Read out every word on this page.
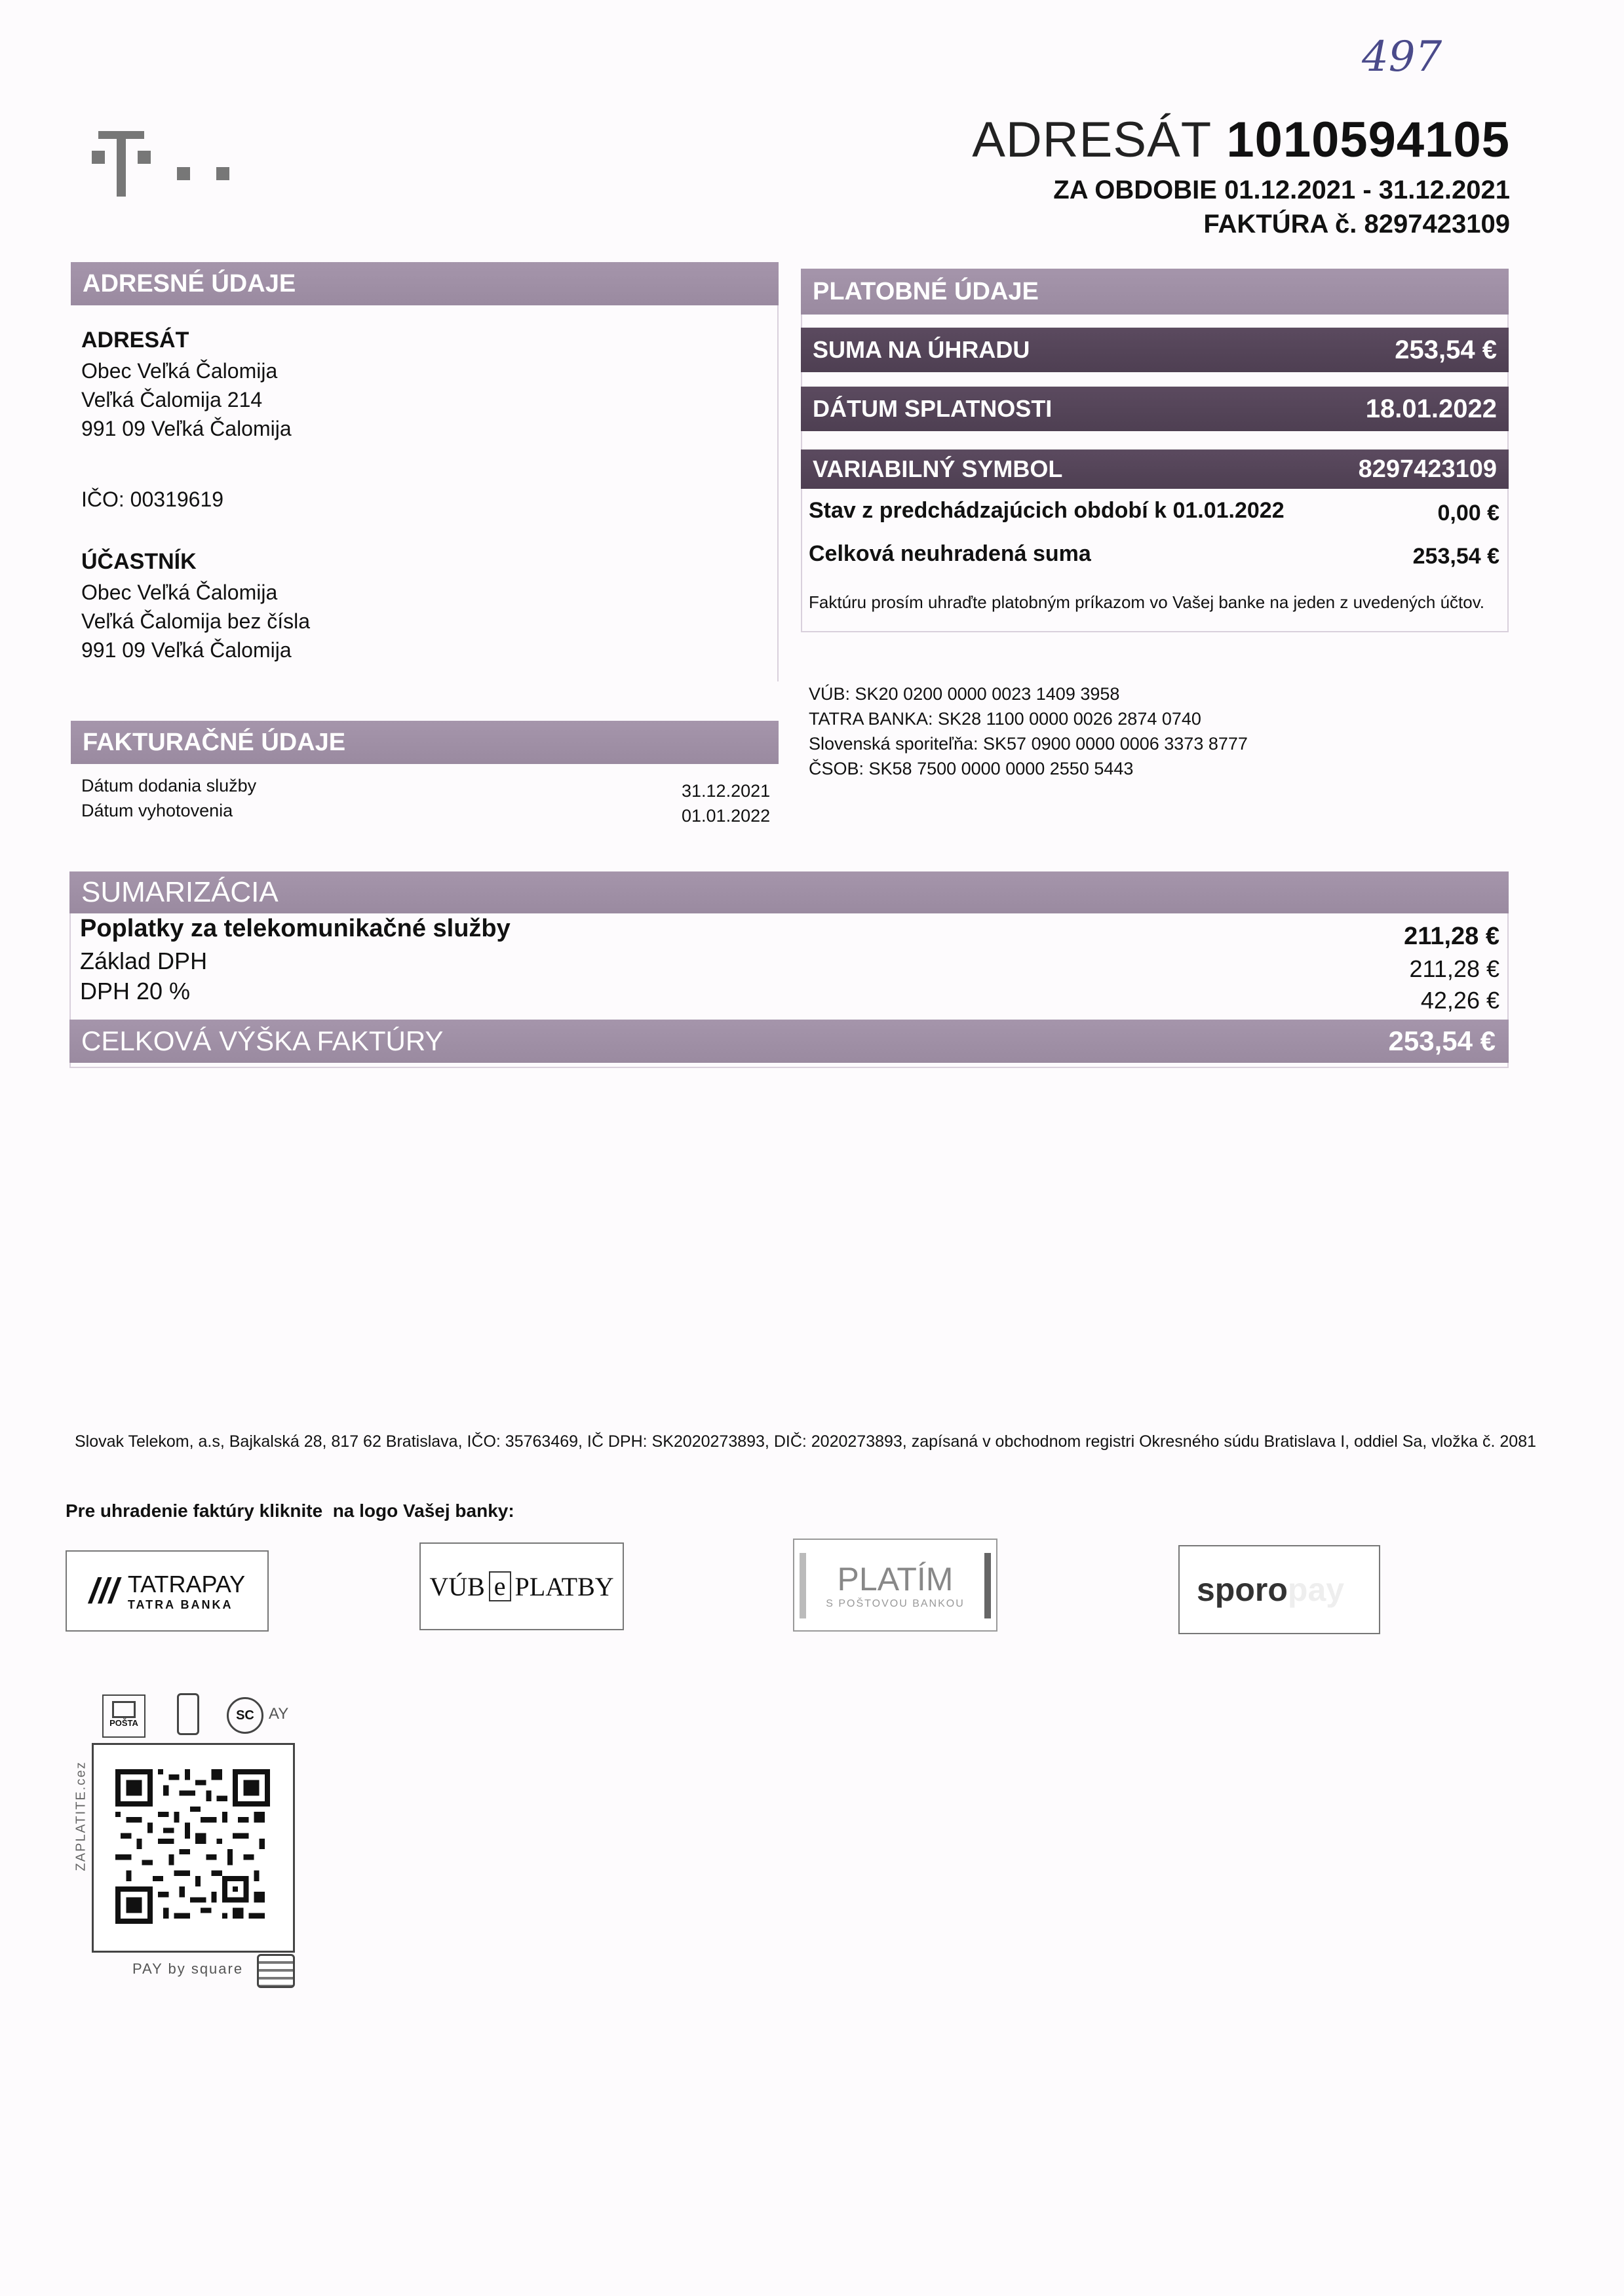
497
ADRESÁT 1010594105
ZA OBDOBIE 01.12.2021 - 31.12.2021
FAKTÚRA č. 8297423109
ADRESNÉ ÚDAJE
ADRESÁT
Obec Veľká Čalomija
Veľká Čalomija 214
991 09 Veľká Čalomija
IČO: 00319619
ÚČASTNÍK
Obec Veľká Čalomija
Veľká Čalomija bez čísla
991 09 Veľká Čalomija
FAKTURAČNÉ ÚDAJE
Dátum dodania služby	31.12.2021
Dátum vyhotovenia	01.01.2022
PLATOBNÉ ÚDAJE
SUMA NA ÚHRADU	253,54 €
DÁTUM SPLATNOSTI	18.01.2022
VARIABILNÝ SYMBOL	8297423109
Stav z predchádzajúcich období k 01.01.2022	0,00 €
Celková neuhradená suma	253,54 €
Faktúru prosím uhraďte platobným príkazom vo Vašej banke na jeden z uvedených účtov.
VÚB: SK20 0200 0000 0023 1409 3958
TATRA BANKA: SK28 1100 0000 0026 2874 0740
Slovenská sporiteľňa: SK57 0900 0000 0006 3373 8777
ČSOB: SK58 7500 0000 0000 2550 5443
SUMARIZÁCIA
Poplatky za telekomunikačné služby	211,28 €
Základ DPH	211,28 €
DPH 20 %	42,26 €
CELKOVÁ VÝŠKA FAKTÚRY	253,54 €
Slovak Telekom, a.s, Bajkalská 28, 817 62 Bratislava, IČO: 35763469, IČ DPH: SK2020273893, DIČ: 2020273893, zapísaná v obchodnom registri Okresného súdu Bratislava I, oddiel Sa, vložka č. 2081
Pre uhradenie faktúry kliknite  na logo Vašej banky:
/// TATRAPAY
TATRA BANKA
VÚB e PLATBY	PLATÍM
S POŠTOVOU BANKOU	sporo pay
POŠTA
SC AY
ZAPLATITE.cez
PAY by square
